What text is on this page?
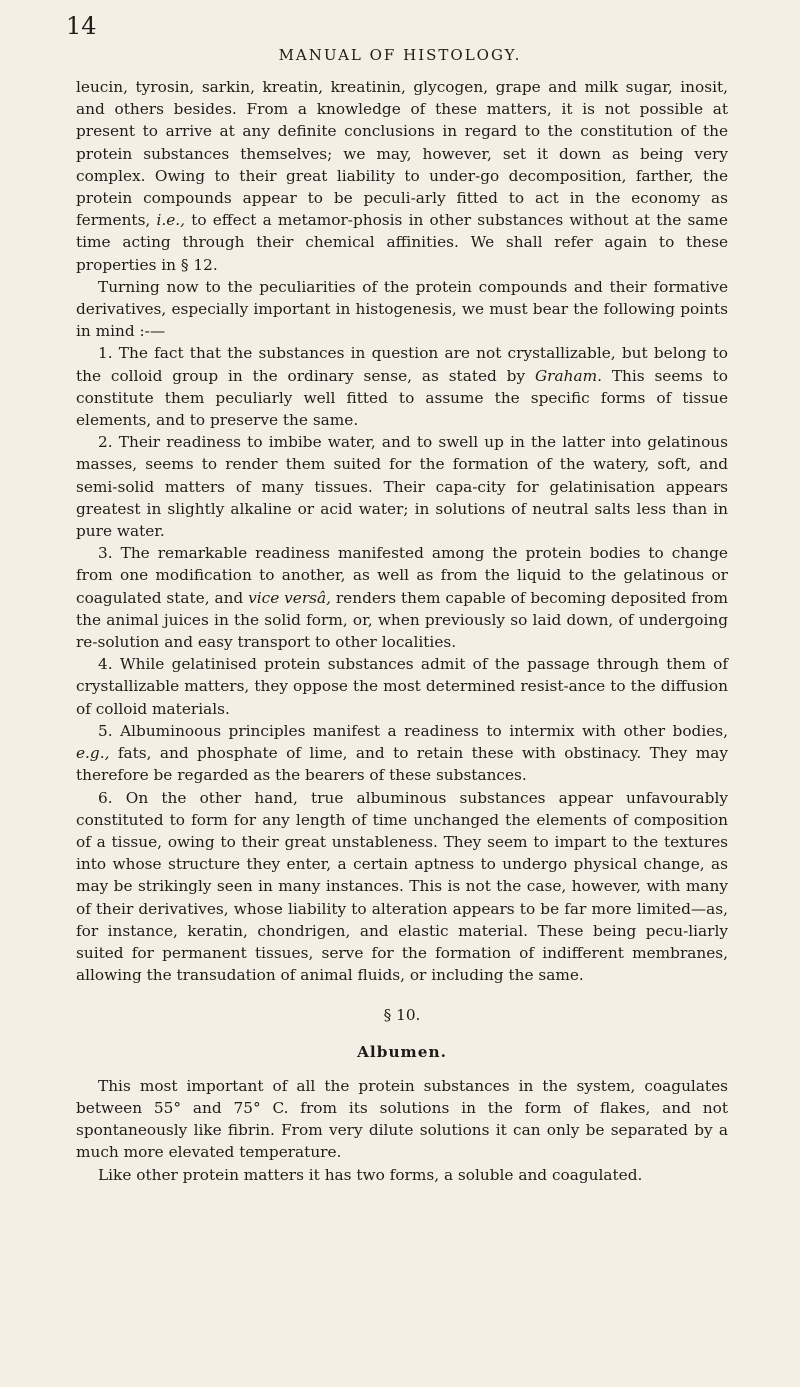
14
MANUAL OF HISTOLOGY.

leucin, tyrosin, sarkin, kreatin, kreatinin, glycogen, grape and milk sugar, inosit, and others besides. From a knowledge of these matters, it is not possible at present to arrive at any definite conclusions in regard to the constitution of the protein substances themselves; we may, however, set it down as being very complex. Owing to their great liability to under-go decomposition, farther, the protein compounds appear to be peculi-arly fitted to act in the economy as ferments, i.e., to effect a metamor-phosis in other substances without at the same time acting through their chemical affinities. We shall refer again to these properties in § 12.

Turning now to the peculiarities of the protein compounds and their formative derivatives, especially important in histogenesis, we must bear the following points in mind :-—

1. The fact that the substances in question are not crystallizable, but belong to the colloid group in the ordinary sense, as stated by Graham. This seems to constitute them peculiarly well fitted to assume the specific forms of tissue elements, and to preserve the same.

2. Their readiness to imbibe water, and to swell up in the latter into gelatinous masses, seems to render them suited for the formation of the watery, soft, and semi-solid matters of many tissues. Their capa-city for gelatinisation appears greatest in slightly alkaline or acid water; in solutions of neutral salts less than in pure water.

3. The remarkable readiness manifested among the protein bodies to change from one modification to another, as well as from the liquid to the gelatinous or coagulated state, and vice versâ, renders them capable of becoming deposited from the animal juices in the solid form, or, when previously so laid down, of undergoing re-solution and easy transport to other localities.

4. While gelatinised protein substances admit of the passage through them of crystallizable matters, they oppose the most determined resist-ance to the diffusion of colloid materials.

5. Albuminoous principles manifest a readiness to intermix with other bodies, e.g., fats, and phosphate of lime, and to retain these with obstinacy. They may therefore be regarded as the bearers of these substances.

6. On the other hand, true albuminous substances appear unfavourably constituted to form for any length of time unchanged the elements of composition of a tissue, owing to their great unstableness. They seem to impart to the textures into whose structure they enter, a certain aptness to undergo physical change, as may be strikingly seen in many instances. This is not the case, however, with many of their derivatives, whose liability to alteration appears to be far more limited—as, for instance, keratin, chondrigen, and elastic material. These being pecu-liarly suited for permanent tissues, serve for the formation of indifferent membranes, allowing the transudation of animal fluids, or including the same.

§ 10.
Albumen.

This most important of all the protein substances in the system, coagulates between 55° and 75° C. from its solutions in the form of flakes, and not spontaneously like fibrin. From very dilute solutions it can only be separated by a much more elevated temperature.

Like other protein matters it has two forms, a soluble and coagulated.
